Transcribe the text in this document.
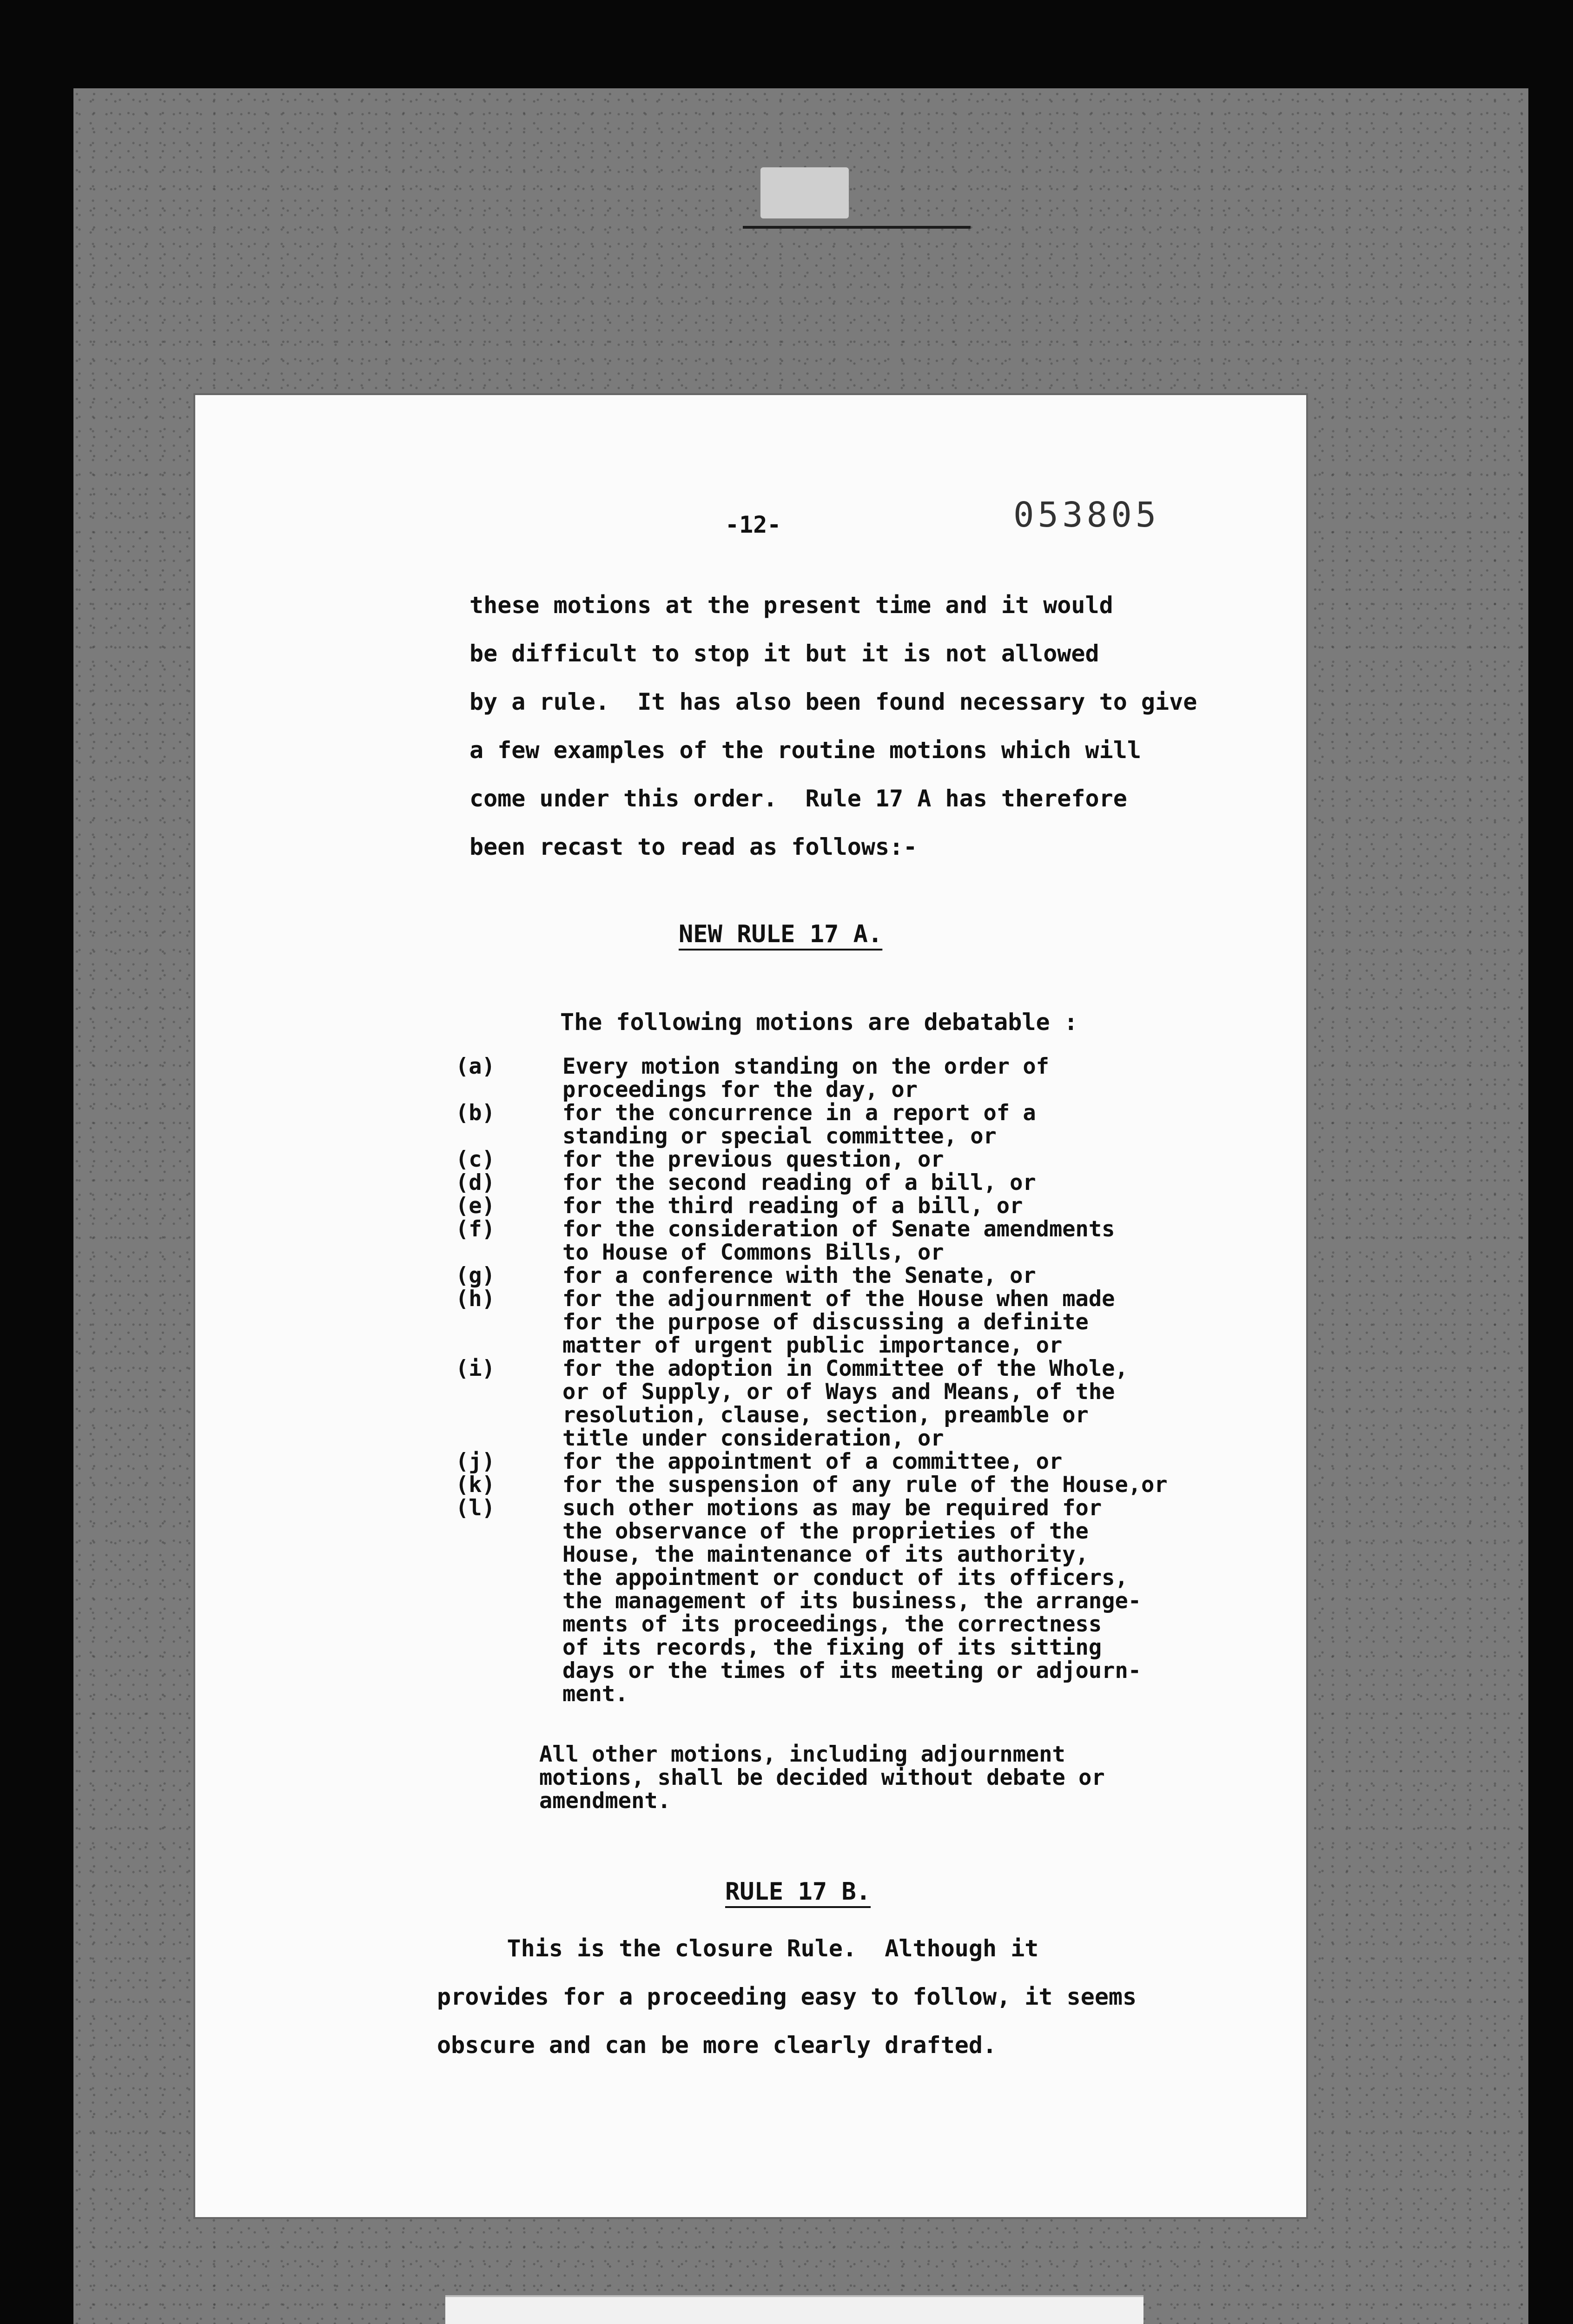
-12-	053805
these motions at the present time and it would
be difficult to stop it but it is not allowed
by a rule.  It has also been found necessary to give
a few examples of the routine motions which will
come under this order.  Rule 17 A has therefore
been recast to read as follows:-
NEW RULE 17 A.
The following motions are debatable :
(a)	Every motion standing on the order of
proceedings for the day, or
(b)	for the concurrence in a report of a
standing or special committee, or
(c)	for the previous question, or
(d)	for the second reading of a bill, or
(e)	for the third reading of a bill, or
(f)	for the consideration of Senate amendments
to House of Commons Bills, or
(g)	for a conference with the Senate, or
(h)	for the adjournment of the House when made
for the purpose of discussing a definite
matter of urgent public importance, or
(i)	for the adoption in Committee of the Whole,
or of Supply, or of Ways and Means, of the
resolution, clause, section, preamble or
title under consideration, or
(j)	for the appointment of a committee, or
(k)	for the suspension of any rule of the House,or
(l)	such other motions as may be required for
the observance of the proprieties of the
House, the maintenance of its authority,
the appointment or conduct of its officers,
the management of its business, the arrange-
ments of its proceedings, the correctness
of its records, the fixing of its sitting
days or the times of its meeting or adjourn-
ment.
All other motions, including adjournment
motions, shall be decided without debate or
amendment.
RULE 17 B.
This is the closure Rule.  Although it
provides for a proceeding easy to follow, it seems
obscure and can be more clearly drafted.
